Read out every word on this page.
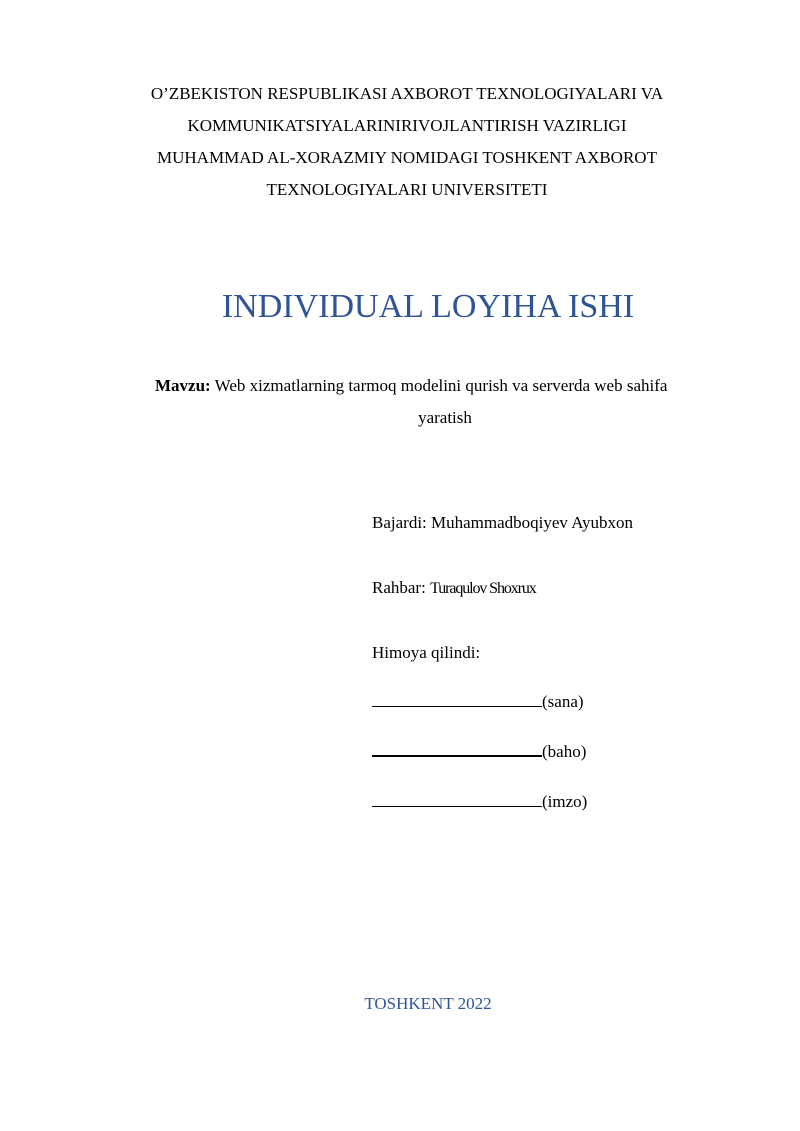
O’ZBEKISTON RESPUBLIKASI AXBOROT TEXNOLOGIYALARI VA
KOMMUNIKATSIYALARINIRIVOJLANTIRISH VAZIRLIGI
MUHAMMAD AL-XORAZMIY NOMIDAGI TOSHKENT AXBOROT
TEXNOLOGIYALARI UNIVERSITETI
INDIVIDUAL LOYIHA ISHI
Mavzu: Web xizmatlarning tarmoq modelini qurish va serverda web sahifa
yaratish
Bajardi: Muhammadboqiyev Ayubxon
Rahbar: Turaqulov Shoxrux
Himoya qilindi:
(sana)
(baho)
(imzo)
TOSHKENT 2022
